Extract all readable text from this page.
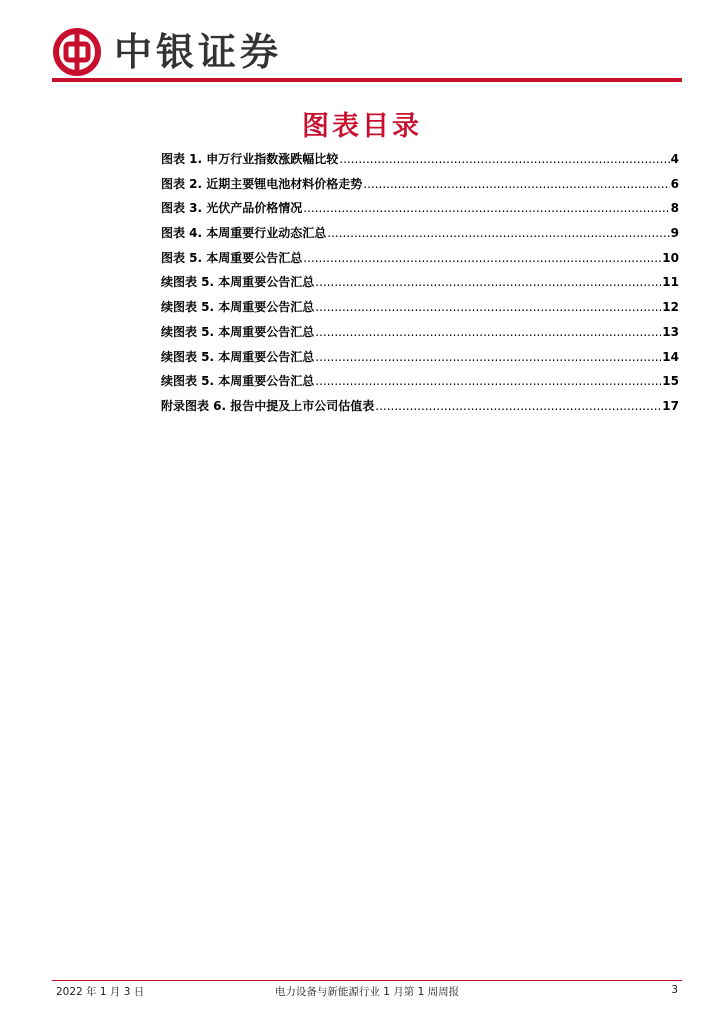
中银证券
图表目录
图表 1. 申万行业指数涨跌幅比较 .....	4
图表 2. 近期主要锂电池材料价格走势 .....	6
图表 3. 光伏产品价格情况 .....	8
图表 4. 本周重要行业动态汇总 .....	9
图表 5. 本周重要公告汇总 .....	10
续图表 5. 本周重要公告汇总 .....	11
续图表 5. 本周重要公告汇总 .....	12
续图表 5. 本周重要公告汇总 .....	13
续图表 5. 本周重要公告汇总 .....	14
续图表 5. 本周重要公告汇总 .....	15
附录图表 6. 报告中提及上市公司估值表 .....	17
2022 年 1 月 3 日	电力设备与新能源行业 1 月第 1 周周报	3
